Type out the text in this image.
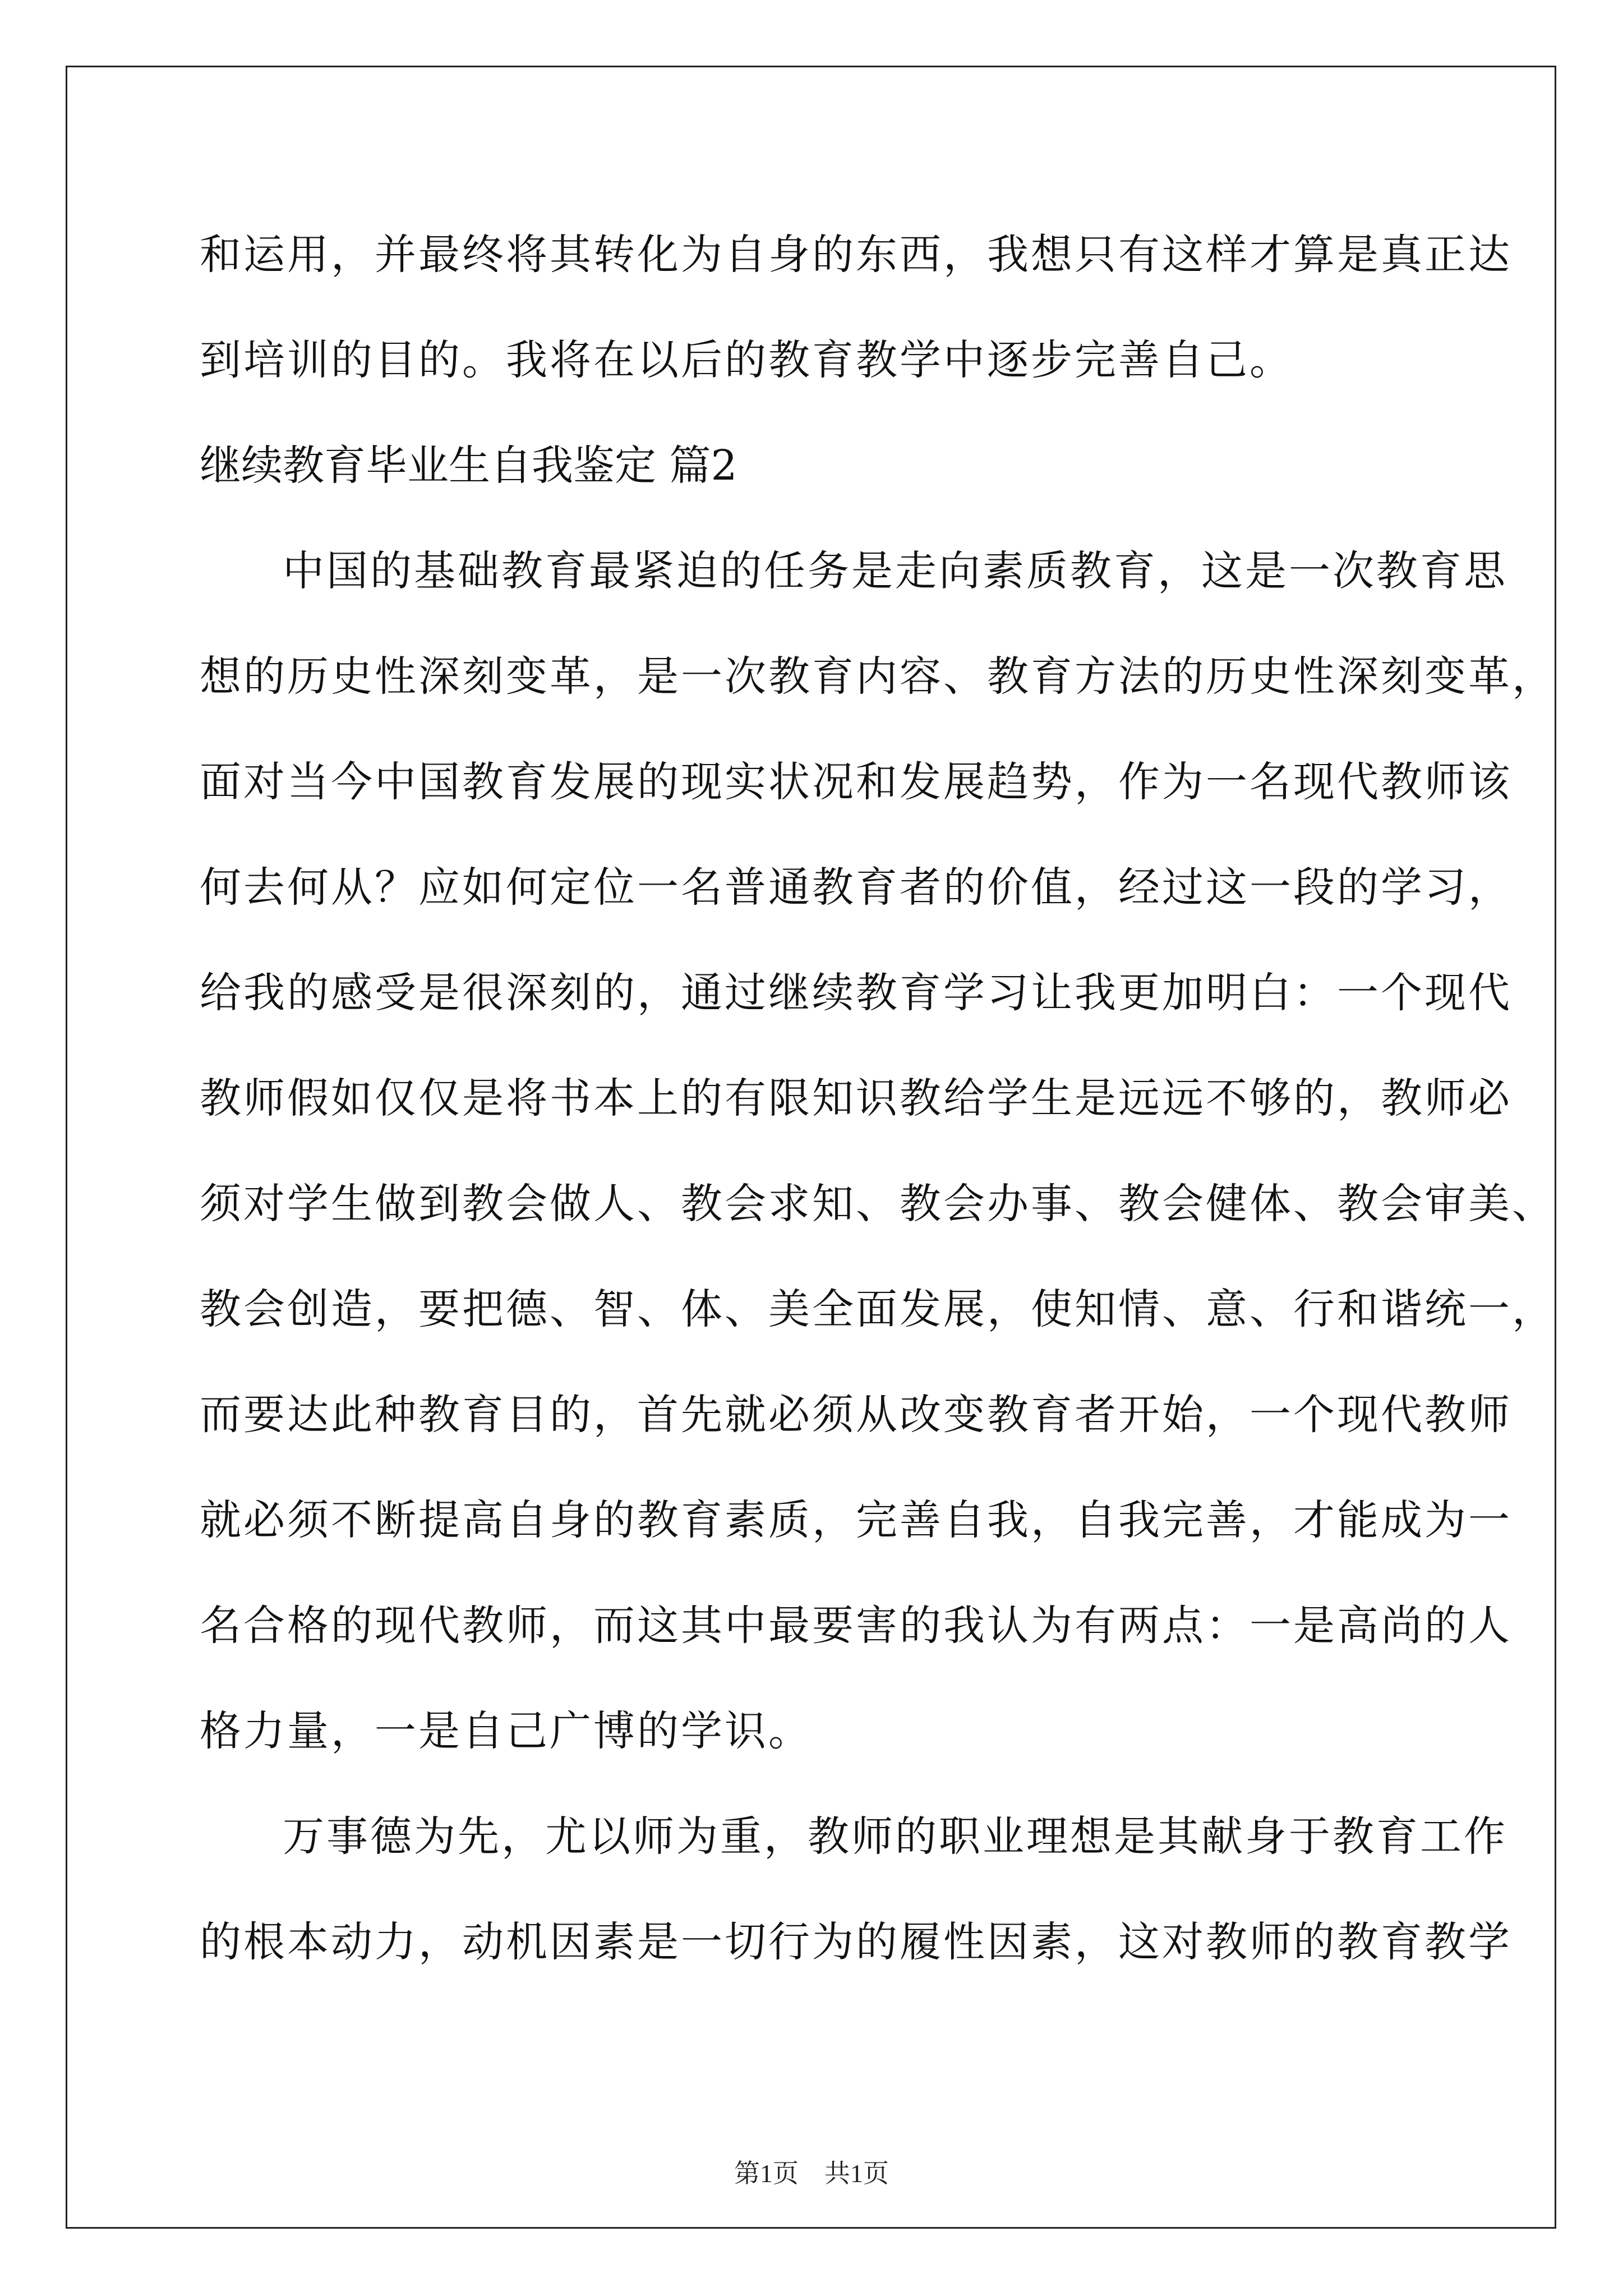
和运用，并最终将其转化为自身的东西，我想只有这样才算是真正达
到培训的目的。我将在以后的教育教学中逐步完善自己。
继续教育毕业生自我鉴定 篇2
中国的基础教育最紧迫的任务是走向素质教育，这是一次教育思
想的历史性深刻变革，是一次教育内容、教育方法的历史性深刻变革，
面对当今中国教育发展的现实状况和发展趋势，作为一名现代教师该
何去何从？应如何定位一名普通教育者的价值，经过这一段的学习，
给我的感受是很深刻的，通过继续教育学习让我更加明白：一个现代
教师假如仅仅是将书本上的有限知识教给学生是远远不够的，教师必
须对学生做到教会做人、教会求知、教会办事、教会健体、教会审美、
教会创造，要把德、智、体、美全面发展，使知情、意、行和谐统一，
而要达此种教育目的，首先就必须从改变教育者开始，一个现代教师
就必须不断提高自身的教育素质，完善自我，自我完善，才能成为一
名合格的现代教师，而这其中最要害的我认为有两点：一是高尚的人
格力量，一是自己广博的学识。
万事德为先，尤以师为重，教师的职业理想是其献身于教育工作
的根本动力，动机因素是一切行为的履性因素，这对教师的教育教学
第1页　共1页
